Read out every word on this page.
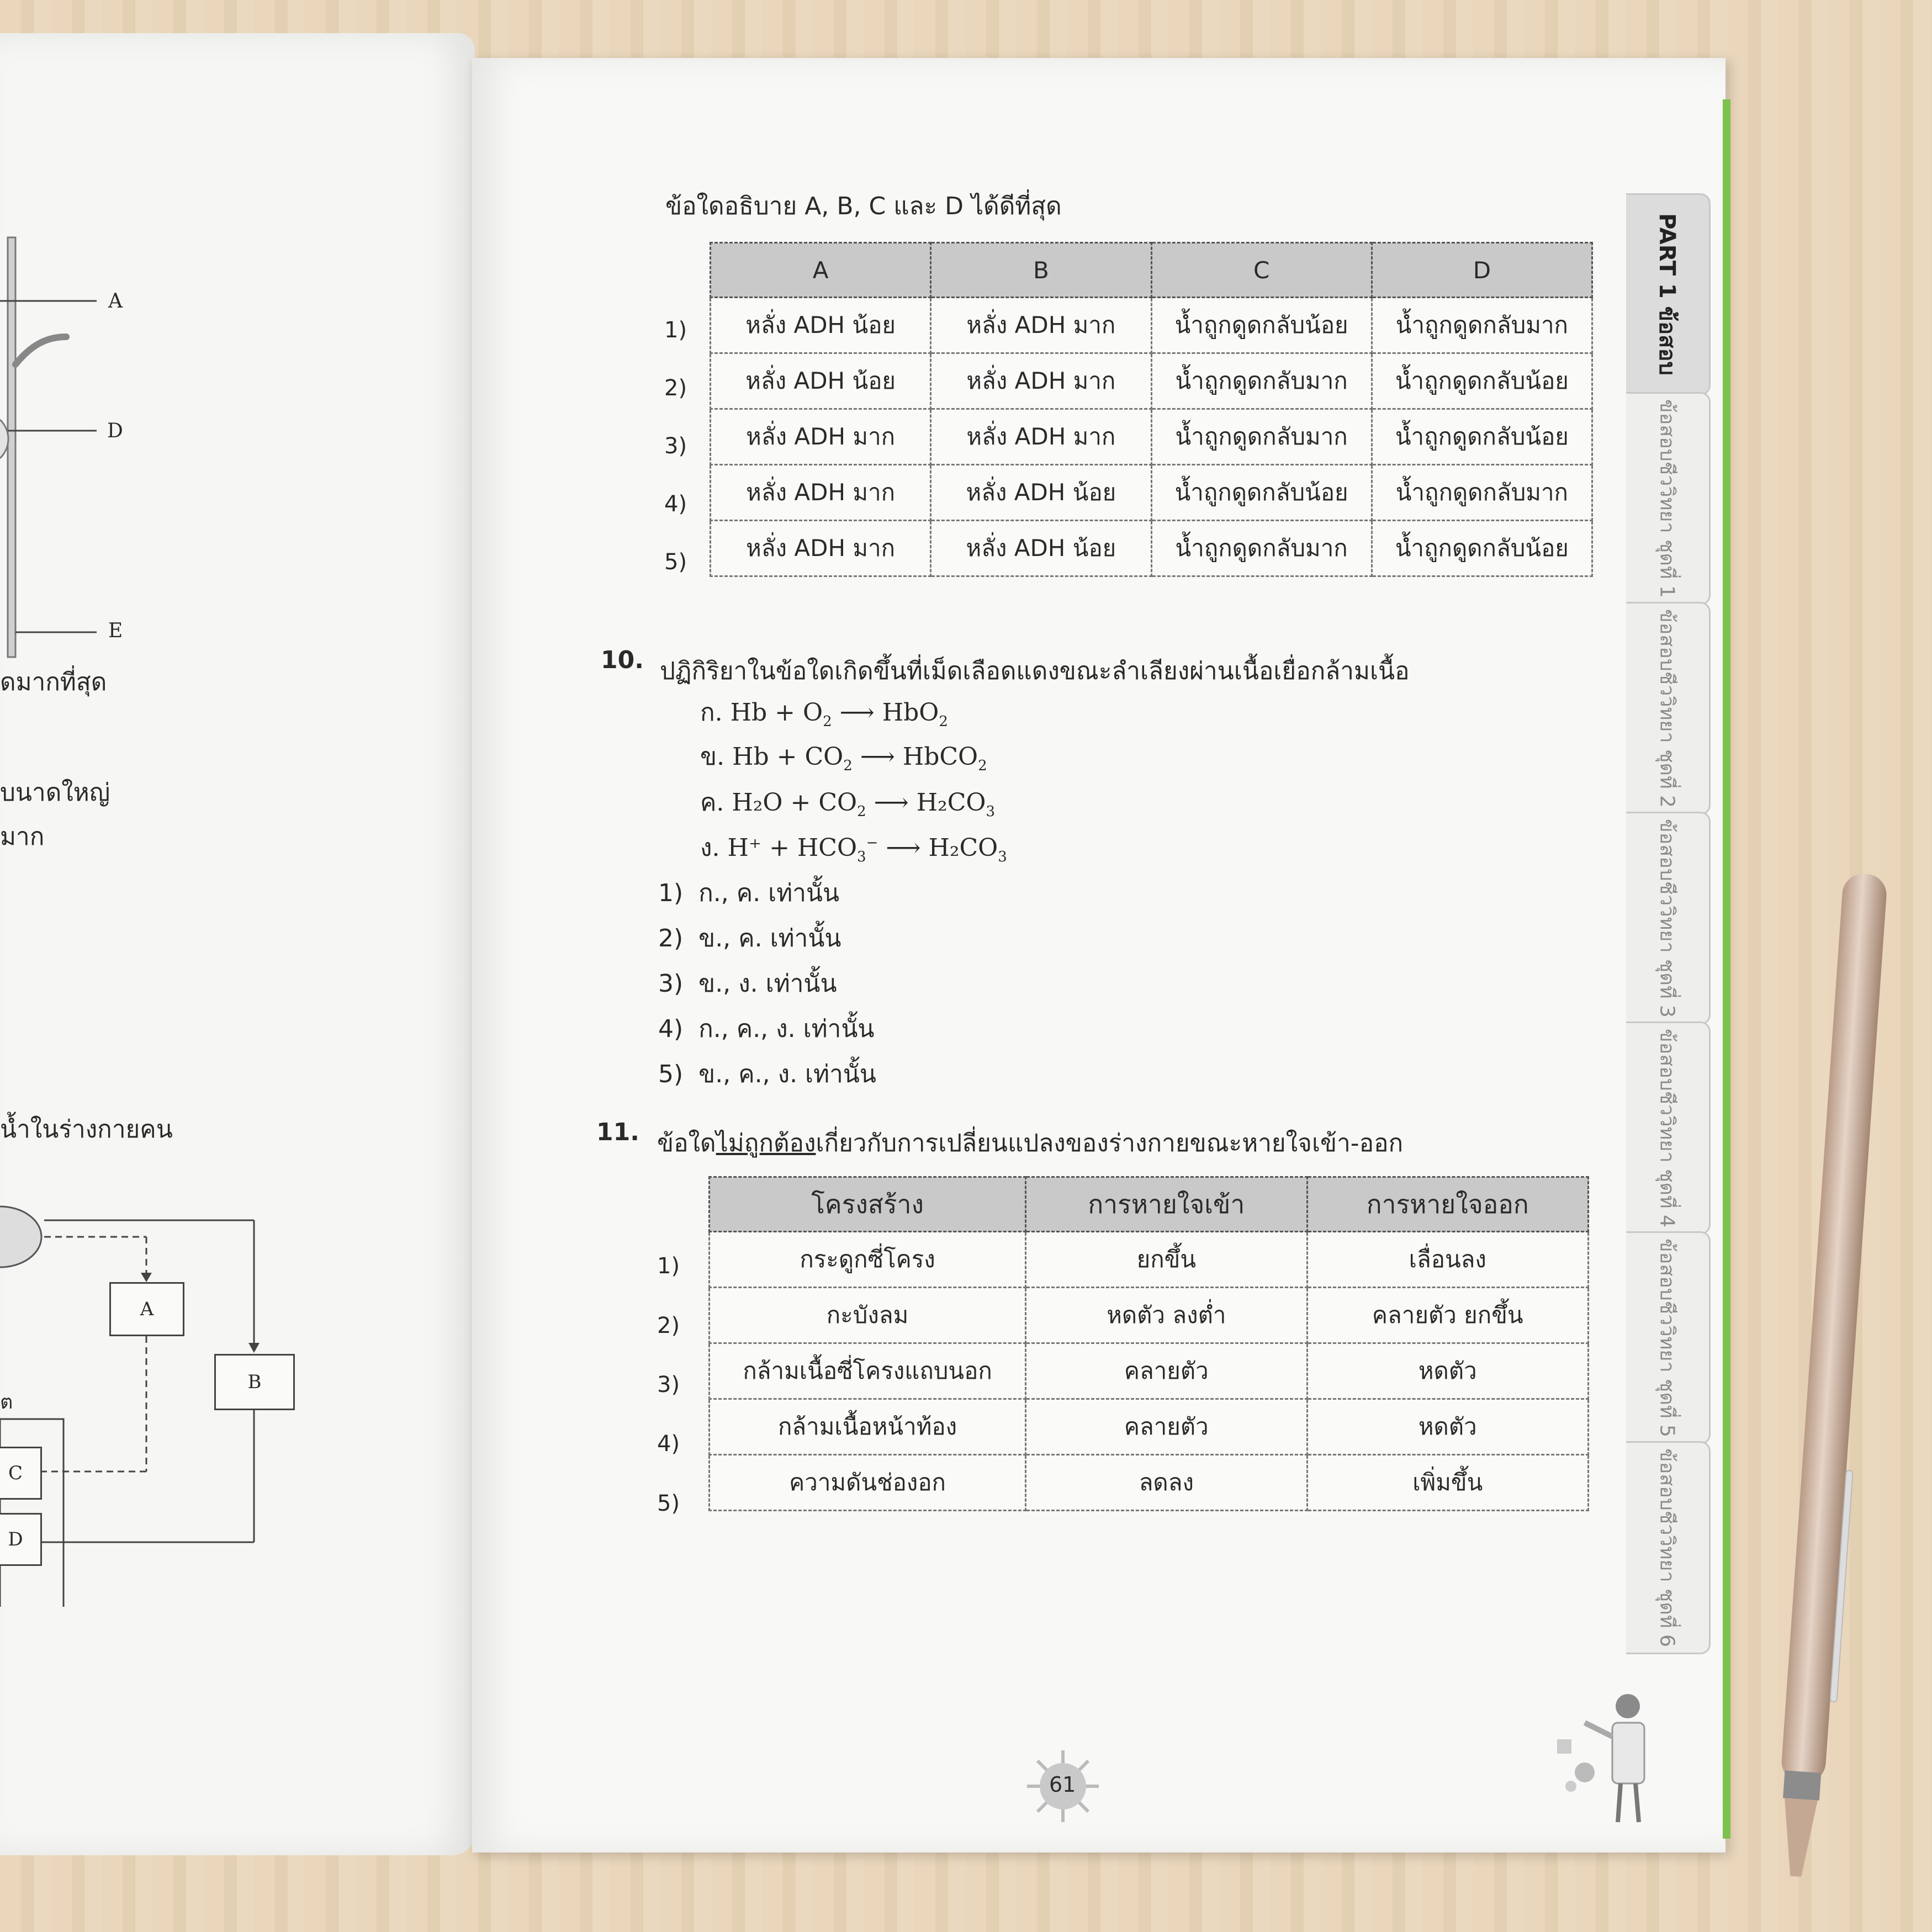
A
D
E
ดมากที่สุด
บนาดใหญ่
มาก
น้ำในร่างกายคน
A
B
C
D
ต
ข้อใดอธิบาย A, B, C และ D ได้ดีที่สุด
A	B	C	D
หลั่ง ADH น้อย	หลั่ง ADH มาก	น้ำถูกดูดกลับน้อย	น้ำถูกดูดกลับมาก
หลั่ง ADH น้อย	หลั่ง ADH มาก	น้ำถูกดูดกลับมาก	น้ำถูกดูดกลับน้อย
หลั่ง ADH มาก	หลั่ง ADH มาก	น้ำถูกดูดกลับมาก	น้ำถูกดูดกลับน้อย
หลั่ง ADH มาก	หลั่ง ADH น้อย	น้ำถูกดูดกลับน้อย	น้ำถูกดูดกลับมาก
หลั่ง ADH มาก	หลั่ง ADH น้อย	น้ำถูกดูดกลับมาก	น้ำถูกดูดกลับน้อย
1)
2)
3)
4)
5)
10. ปฏิกิริยาในข้อใดเกิดขึ้นที่เม็ดเลือดแดงขณะลำเลียงผ่านเนื้อเยื่อกล้ามเนื้อ
ก. $Hb + O_2$ ⟶ HbO$_2$
ข. $Hb + CO_2$ ⟶ HbCO$_2$
ค. $H_2O + CO_2$ ⟶ $H_2CO_3$
ง. $H^+ + HCO_3^-$ ⟶ $H_2CO_3$
1) ก., ค. เท่านั้น
2) ข., ค. เท่านั้น
3) ข., ง. เท่านั้น
4) ก., ค., ง. เท่านั้น
5) ข., ค., ง. เท่านั้น
11. ข้อใดไม่ถูกต้องเกี่ยวกับการเปลี่ยนแปลงของร่างกายขณะหายใจเข้า-ออก
โครงสร้าง	การหายใจเข้า	การหายใจออก
กระดูกซี่โครง	ยกขึ้น	เลื่อนลง
กะบังลม	หดตัว ลงต่ำ	คลายตัว ยกขึ้น
กล้ามเนื้อซี่โครงแถบนอก	คลายตัว	หดตัว
กล้ามเนื้อหน้าท้อง	คลายตัว	หดตัว
ความดันช่องอก	ลดลง	เพิ่มขึ้น
1)
2)
3)
4)
5)
PART 1 ข้อสอบ
ข้อสอบชีววิทยา ชุดที่ 1
ข้อสอบชีววิทยา ชุดที่ 2
ข้อสอบชีววิทยา ชุดที่ 3
ข้อสอบชีววิทยา ชุดที่ 4
ข้อสอบชีววิทยา ชุดที่ 5
ข้อสอบชีววิทยา ชุดที่ 6
61
